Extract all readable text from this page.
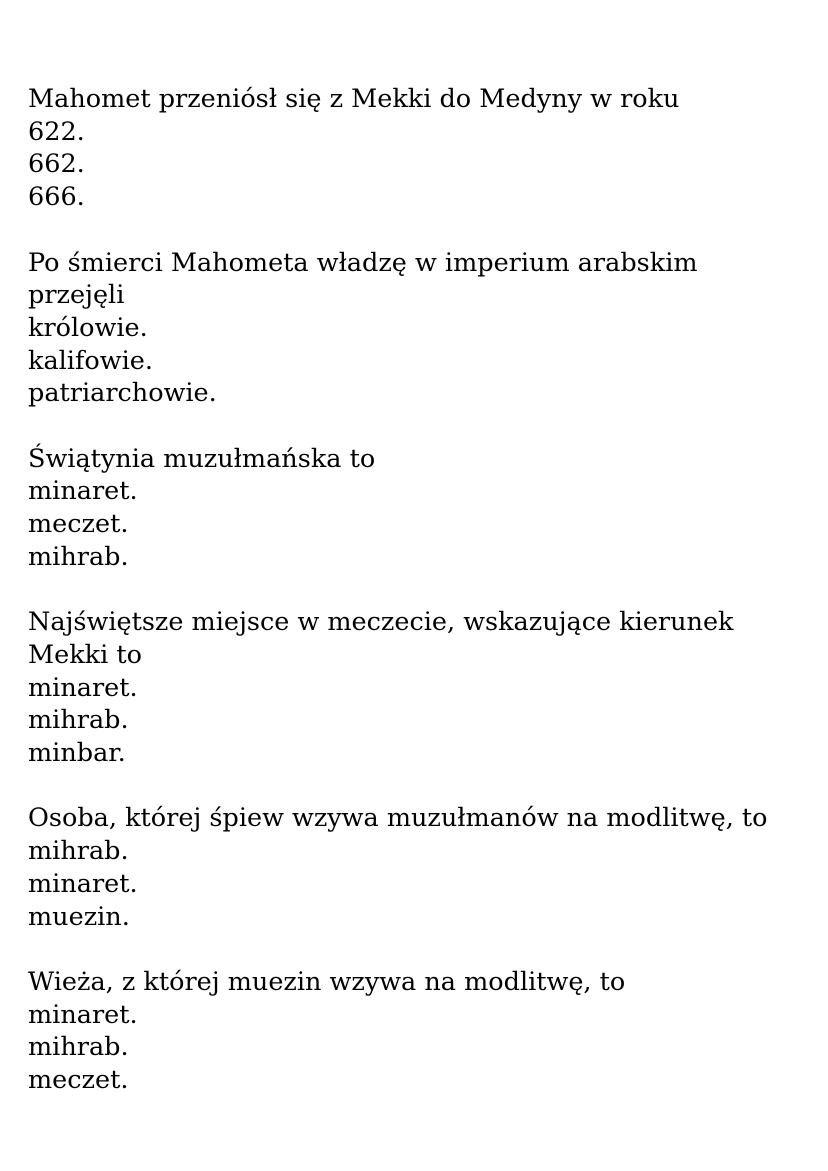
Mahomet przeniósł się z Mekki do Medyny w roku
622.
662.
666.
Po śmierci Mahometa władzę w imperium arabskim przejęli
królowie.
kalifowie.
patriarchowie.
Świątynia muzułmańska to
minaret.
meczet.
mihrab.
Najświętsze miejsce w meczecie, wskazujące kierunek Mekki to
minaret.
mihrab.
minbar.
Osoba, której śpiew wzywa muzułmanów na modlitwę, to
mihrab.
minaret.
muezin.
Wieża, z której muezin wzywa na modlitwę, to
minaret.
mihrab.
meczet.
